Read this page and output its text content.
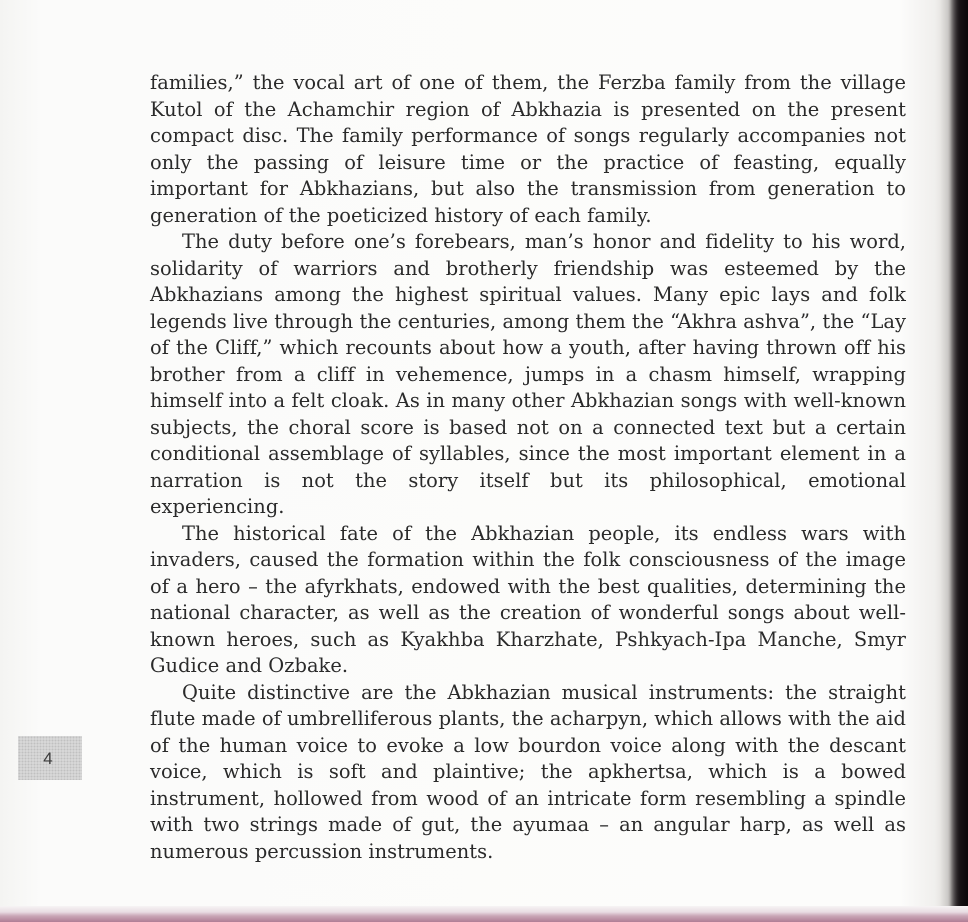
families,” the vocal art of one of them, the Ferzba family from the village Kutol of the Achamchir region of Abkhazia is presented on the present compact disc. The family performance of songs regularly accompanies not only the passing of leisure time or the practice of feasting, equally important for Abkhazians, but also the transmission from generation to generation of the poeticized history of each family.

The duty before one’s forebears, man’s honor and fidelity to his word, solidarity of warriors and brotherly friendship was esteemed by the Abkhazians among the highest spiritual values. Many epic lays and folk legends live through the centuries, among them the “Akhra ashva”, the “Lay of the Cliff,” which recounts about how a youth, after having thrown off his brother from a cliff in vehemence, jumps in a chasm himself, wrapping himself into a felt cloak. As in many other Abkhazian songs with well-known subjects, the choral score is based not on a connected text but a certain conditional assemblage of syllables, since the most important element in a narration is not the story itself but its philosophical, emotional experiencing.

The historical fate of the Abkhazian people, its endless wars with invaders, caused the formation within the folk consciousness of the image of a hero – the afyrkhats, endowed with the best qualities, determining the national character, as well as the creation of wonderful songs about well-known heroes, such as Kyakhba Kharzhate, Pshkyach-Ipa Manche, Smyr Gudice and Ozbake.

Quite distinctive are the Abkhazian musical instruments: the straight flute made of umbrelliferous plants, the acharpyn, which allows with the aid of the human voice to evoke a low bourdon voice along with the descant voice, which is soft and plaintive; the apkhertsa, which is a bowed instrument, hollowed from wood of an intricate form resembling a spindle with two strings made of gut, the ayumaa – an angular harp, as well as numerous percussion instruments.

4
